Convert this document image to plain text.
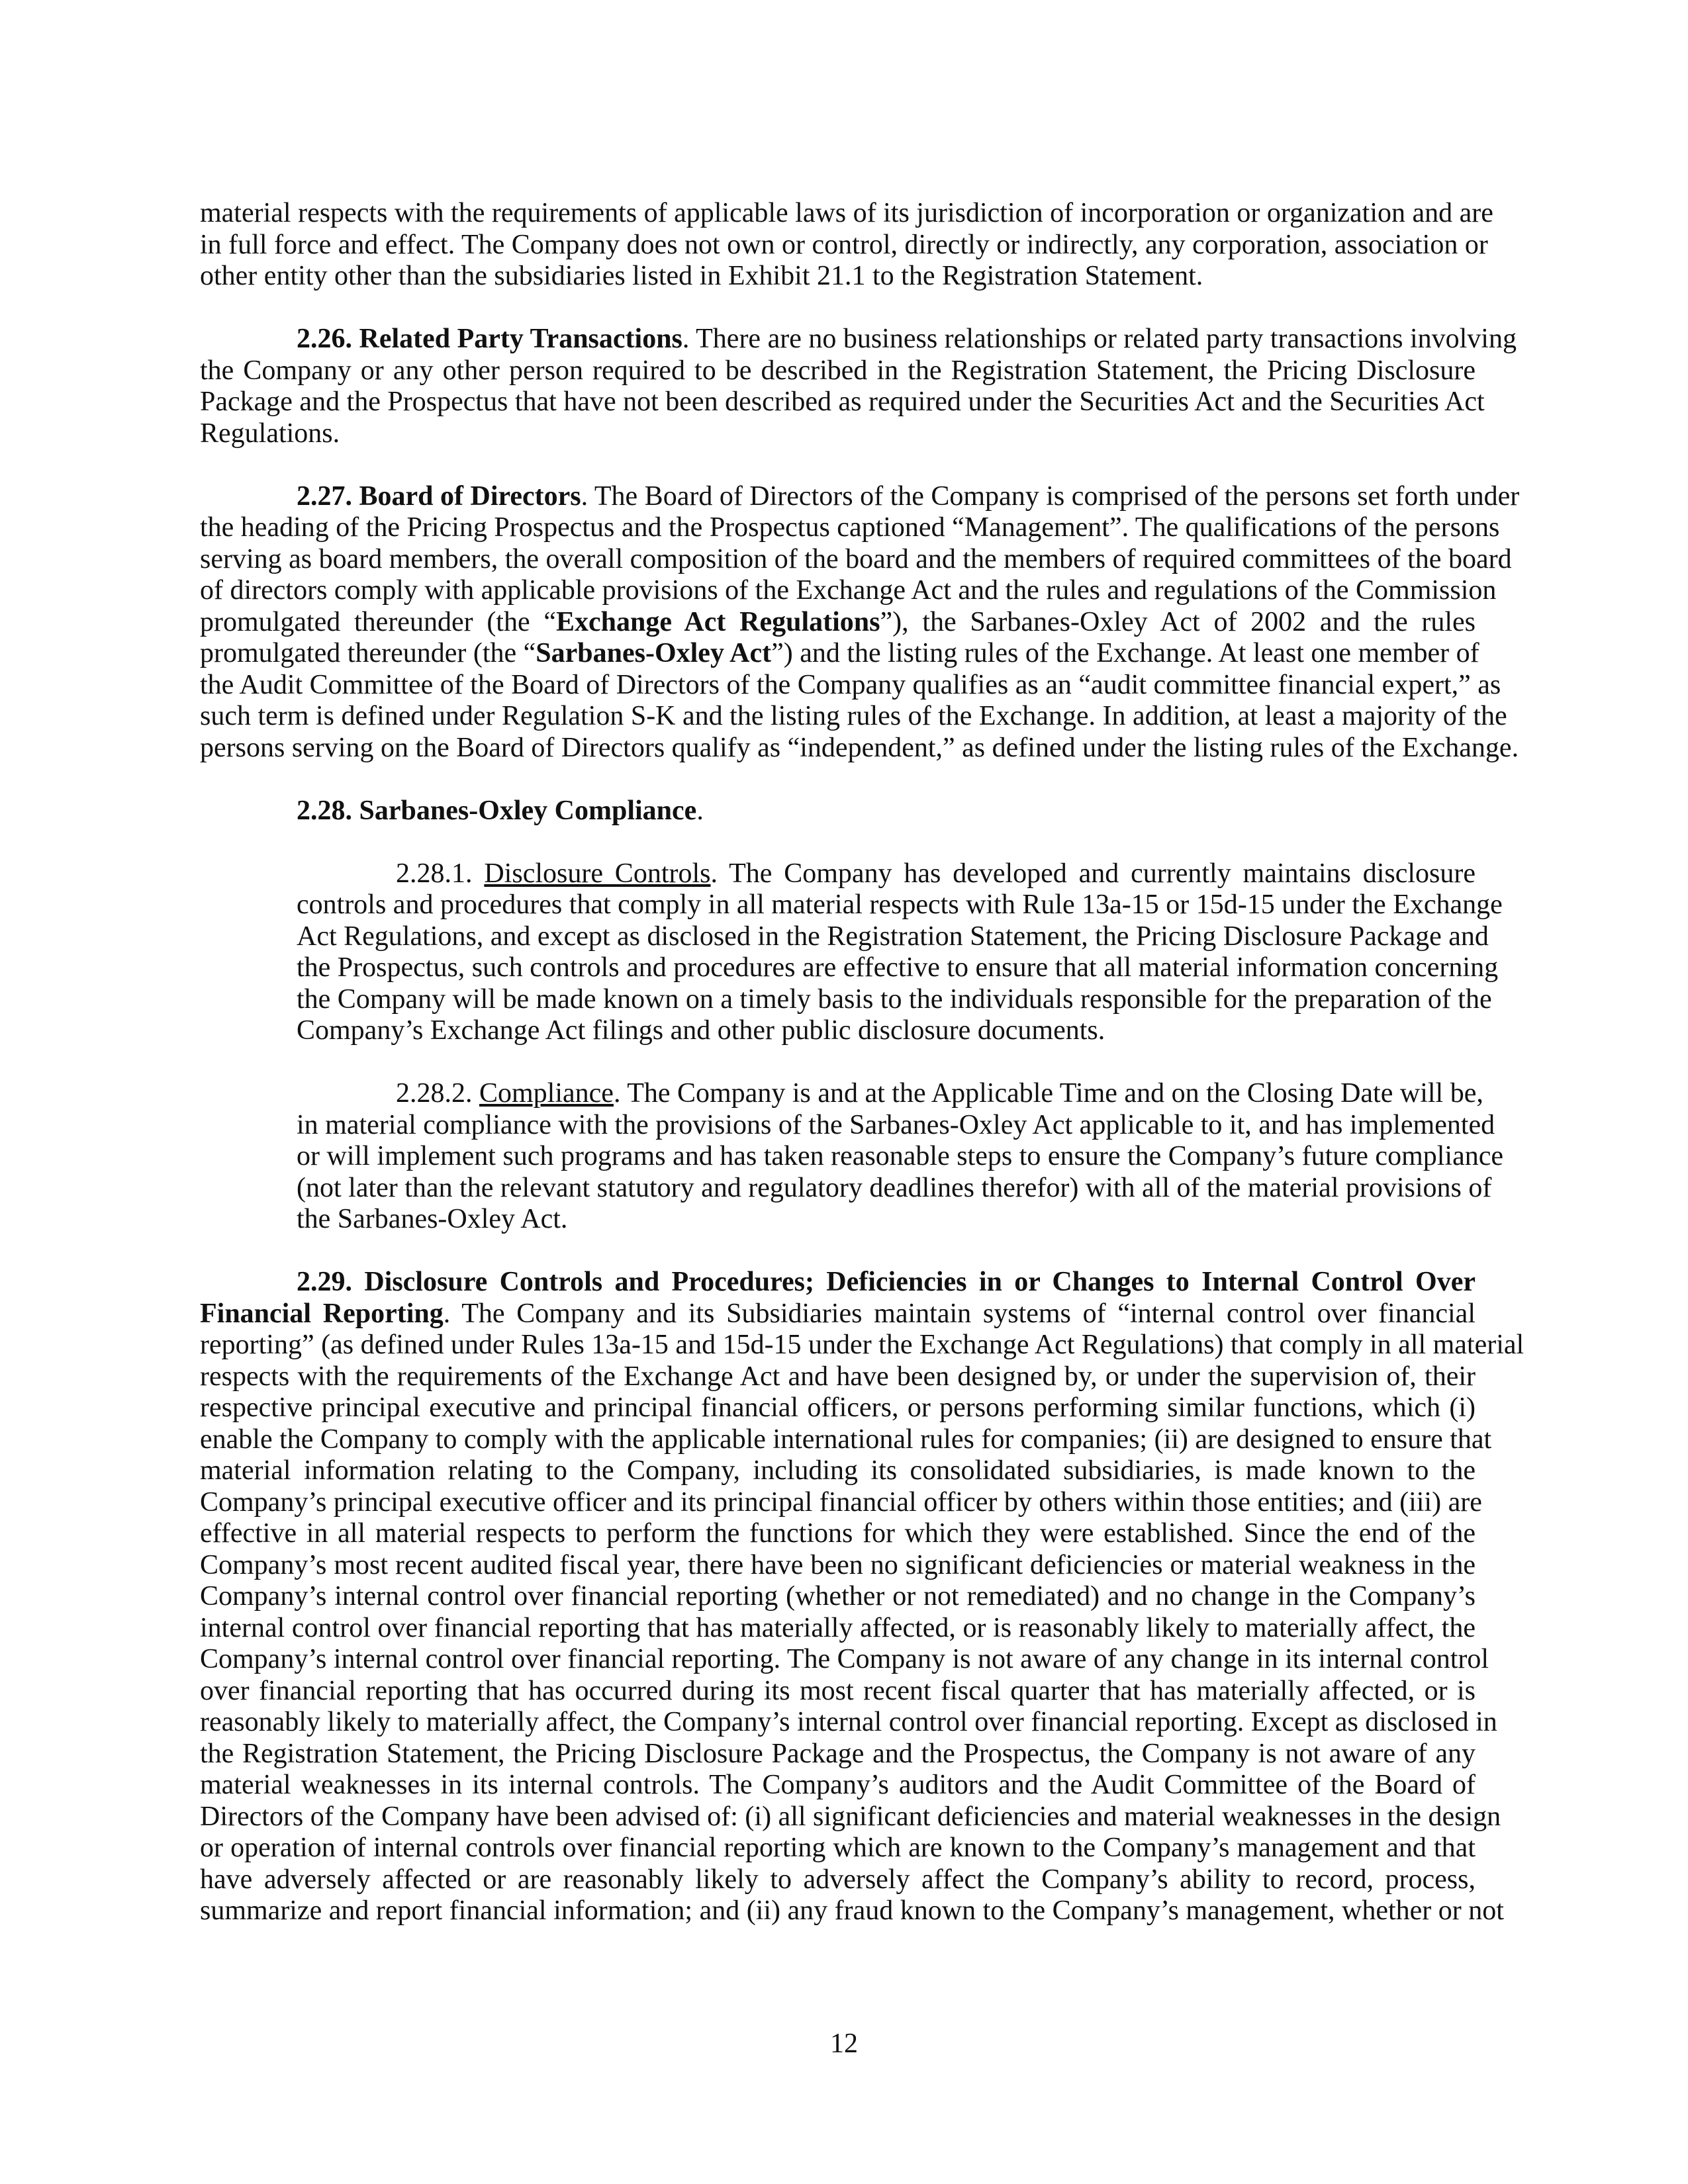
material respects with the requirements of applicable laws of its jurisdiction of incorporation or organization and are
in full force and effect. The Company does not own or control, directly or indirectly, any corporation, association or
other entity other than the subsidiaries listed in Exhibit 21.1 to the Registration Statement.
2.26. Related Party Transactions. There are no business relationships or related party transactions involving
the Company or any other person required to be described in the Registration Statement, the Pricing Disclosure
Package and the Prospectus that have not been described as required under the Securities Act and the Securities Act
Regulations.
2.27. Board of Directors. The Board of Directors of the Company is comprised of the persons set forth under
the heading of the Pricing Prospectus and the Prospectus captioned “Management”. The qualifications of the persons
serving as board members, the overall composition of the board and the members of required committees of the board
of directors comply with applicable provisions of the Exchange Act and the rules and regulations of the Commission
promulgated thereunder (the “Exchange Act Regulations”), the Sarbanes-Oxley Act of 2002 and the rules
promulgated thereunder (the “Sarbanes-Oxley Act”) and the listing rules of the Exchange. At least one member of
the Audit Committee of the Board of Directors of the Company qualifies as an “audit committee financial expert,” as
such term is defined under Regulation S-K and the listing rules of the Exchange. In addition, at least a majority of the
persons serving on the Board of Directors qualify as “independent,” as defined under the listing rules of the Exchange.
2.28. Sarbanes-Oxley Compliance.
2.28.1. Disclosure Controls. The Company has developed and currently maintains disclosure
controls and procedures that comply in all material respects with Rule 13a-15 or 15d-15 under the Exchange
Act Regulations, and except as disclosed in the Registration Statement, the Pricing Disclosure Package and
the Prospectus, such controls and procedures are effective to ensure that all material information concerning
the Company will be made known on a timely basis to the individuals responsible for the preparation of the
Company’s Exchange Act filings and other public disclosure documents.
2.28.2. Compliance. The Company is and at the Applicable Time and on the Closing Date will be,
in material compliance with the provisions of the Sarbanes-Oxley Act applicable to it, and has implemented
or will implement such programs and has taken reasonable steps to ensure the Company’s future compliance
(not later than the relevant statutory and regulatory deadlines therefor) with all of the material provisions of
the Sarbanes-Oxley Act.
2.29. Disclosure Controls and Procedures; Deficiencies in or Changes to Internal Control Over
Financial Reporting. The Company and its Subsidiaries maintain systems of “internal control over financial
reporting” (as defined under Rules 13a-15 and 15d-15 under the Exchange Act Regulations) that comply in all material
respects with the requirements of the Exchange Act and have been designed by, or under the supervision of, their
respective principal executive and principal financial officers, or persons performing similar functions, which (i)
enable the Company to comply with the applicable international rules for companies; (ii) are designed to ensure that
material information relating to the Company, including its consolidated subsidiaries, is made known to the
Company’s principal executive officer and its principal financial officer by others within those entities; and (iii) are
effective in all material respects to perform the functions for which they were established. Since the end of the
Company’s most recent audited fiscal year, there have been no significant deficiencies or material weakness in the
Company’s internal control over financial reporting (whether or not remediated) and no change in the Company’s
internal control over financial reporting that has materially affected, or is reasonably likely to materially affect, the
Company’s internal control over financial reporting. The Company is not aware of any change in its internal control
over financial reporting that has occurred during its most recent fiscal quarter that has materially affected, or is
reasonably likely to materially affect, the Company’s internal control over financial reporting. Except as disclosed in
the Registration Statement, the Pricing Disclosure Package and the Prospectus, the Company is not aware of any
material weaknesses in its internal controls. The Company’s auditors and the Audit Committee of the Board of
Directors of the Company have been advised of: (i) all significant deficiencies and material weaknesses in the design
or operation of internal controls over financial reporting which are known to the Company’s management and that
have adversely affected or are reasonably likely to adversely affect the Company’s ability to record, process,
summarize and report financial information; and (ii) any fraud known to the Company’s management, whether or not
12
